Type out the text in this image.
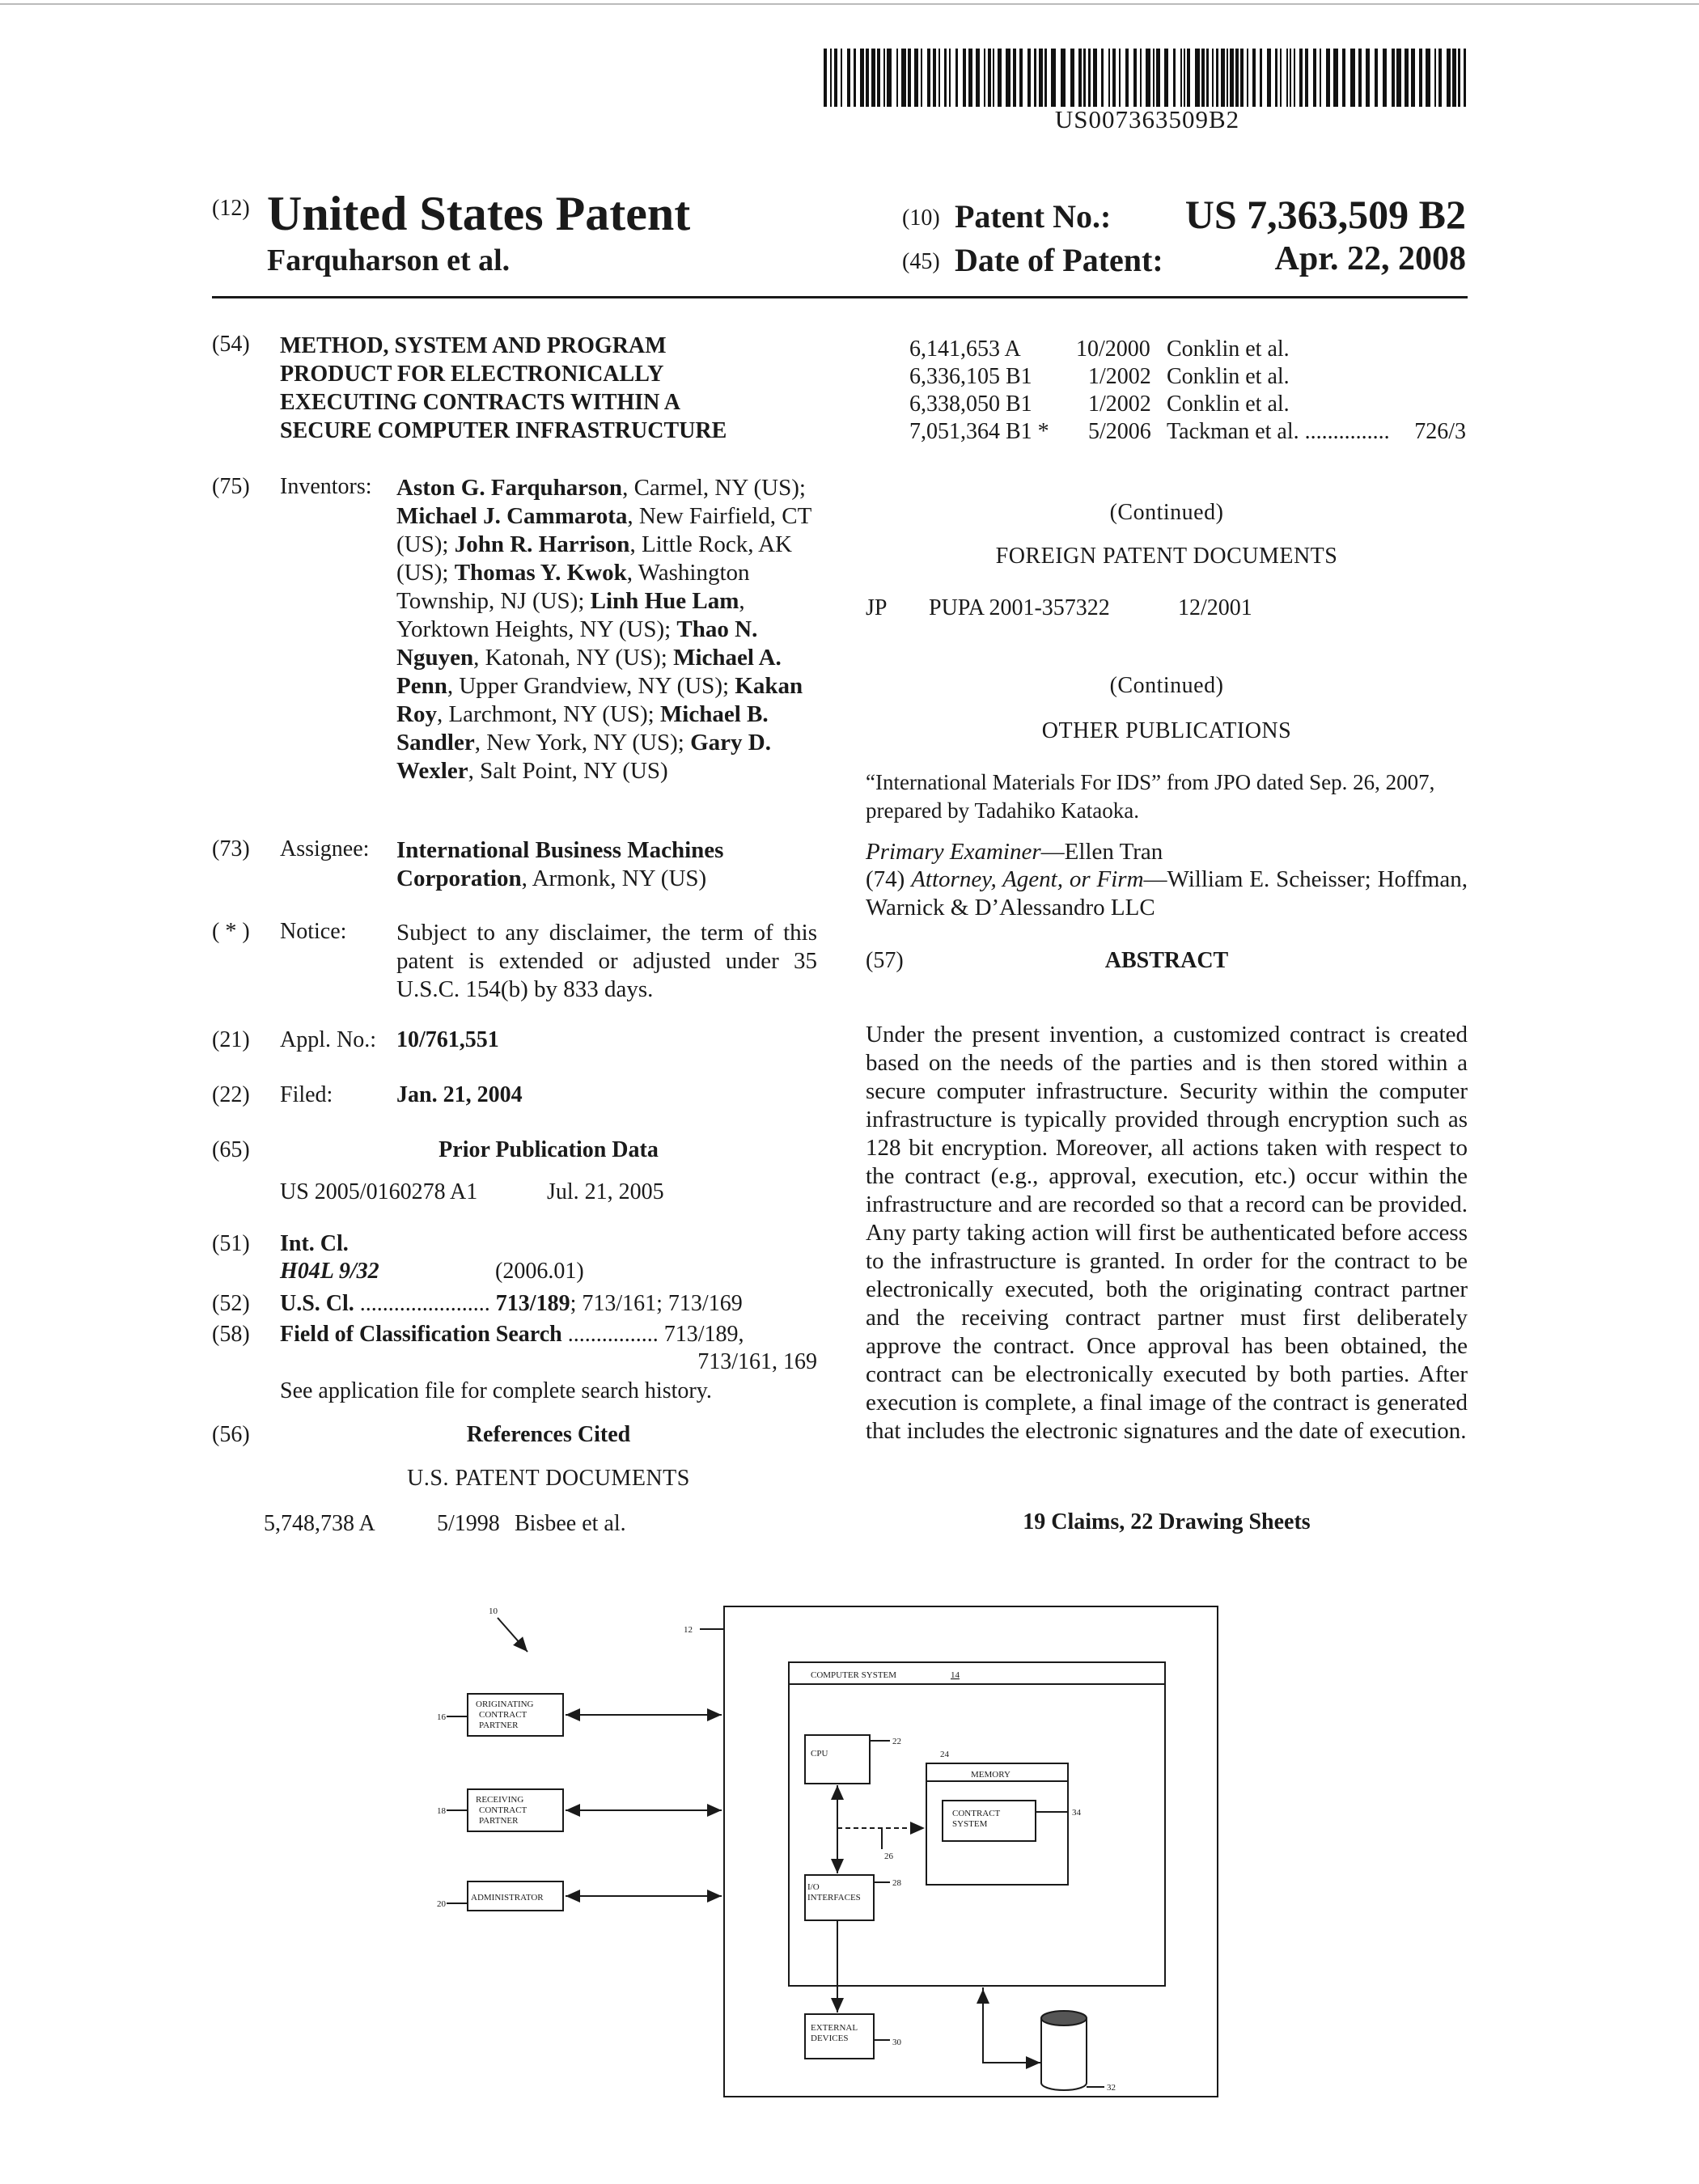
US007363509B2
(12) United States Patent
Farquharson et al.
(10) Patent No.: US 7,363,509 B2
(45) Date of Patent:	Apr. 22, 2008
(54) METHOD, SYSTEM AND PROGRAM
PRODUCT FOR ELECTRONICALLY
EXECUTING CONTRACTS WITHIN A
SECURE COMPUTER INFRASTRUCTURE
(75) Inventors: Aston G. Farquharson, Carmel, NY (US); Michael J. Cammarota, New Fairfield, CT (US); John R. Harrison, Little Rock, AK (US); Thomas Y. Kwok, Washington Township, NJ (US); Linh Hue Lam, Yorktown Heights, NY (US); Thao N. Nguyen, Katonah, NY (US); Michael A. Penn, Upper Grandview, NY (US); Kakan Roy, Larchmont, NY (US); Michael B. Sandler, New York, NY (US); Gary D. Wexler, Salt Point, NY (US)
(73) Assignee: International Business Machines Corporation, Armonk, NY (US)
( * ) Notice: Subject to any disclaimer, the term of this patent is extended or adjusted under 35 U.S.C. 154(b) by 833 days.
(21) Appl. No.: 10/761,551
(22) Filed:	Jan. 21, 2004
(65)	Prior Publication Data
US 2005/0160278 A1	Jul. 21, 2005
(51) Int. Cl.
H04L 9/32	(2006.01)
(52) U.S. Cl. ....................... 713/189; 713/161; 713/169
(58) Field of Classification Search ................ 713/189,
713/161, 169
See application file for complete search history.
(56)	References Cited
U.S. PATENT DOCUMENTS
5,748,738 A	5/1998 Bisbee et al.
6,141,653 A 10/2000 Conklin et al.
6,336,105 B1 1/2002 Conklin et al.
6,338,050 B1 1/2002 Conklin et al.
7,051,364 B1 * 5/2006 Tackman et al. ...............	726/3
(Continued)
FOREIGN PATENT DOCUMENTS
JP PUPA 2001-357322	12/2001
(Continued)
OTHER PUBLICATIONS
“International Materials For IDS” from JPO dated Sep. 26, 2007, prepared by Tadahiko Kataoka.
Primary Examiner—Ellen Tran
(74) Attorney, Agent, or Firm—William E. Scheisser; Hoffman, Warnick & D’Alessandro LLC
(57)	ABSTRACT
Under the present invention, a customized contract is created based on the needs of the parties and is then stored within a secure computer infrastructure. Security within the computer infrastructure is typically provided through encryption such as 128 bit encryption. Moreover, all actions taken with respect to the contract (e.g., approval, execution, etc.) occur within the infrastructure and are recorded so that a record can be provided. Any party taking action will first be authenticated before access to the infrastructure is granted. In order for the contract to be electronically executed, both the originating contract partner and the receiving contract partner must first deliberately approve the contract. Once approval has been obtained, the contract can be electronically executed by both parties. After execution is complete, a final image of the contract is generated that includes the electronic signatures and the date of execution.
19 Claims, 22 Drawing Sheets
10
12
COMPUTER SYSTEM	14
CPU
22
24
MEMORY
CONTRACT
SYSTEM
34
26
I/O
INTERFACES
28
EXTERNAL
DEVICES	30
32
ORIGINATING
CONTRACT
PARTNER
16
RECEIVING
CONTRACT
PARTNER
18
ADMINISTRATOR
20
